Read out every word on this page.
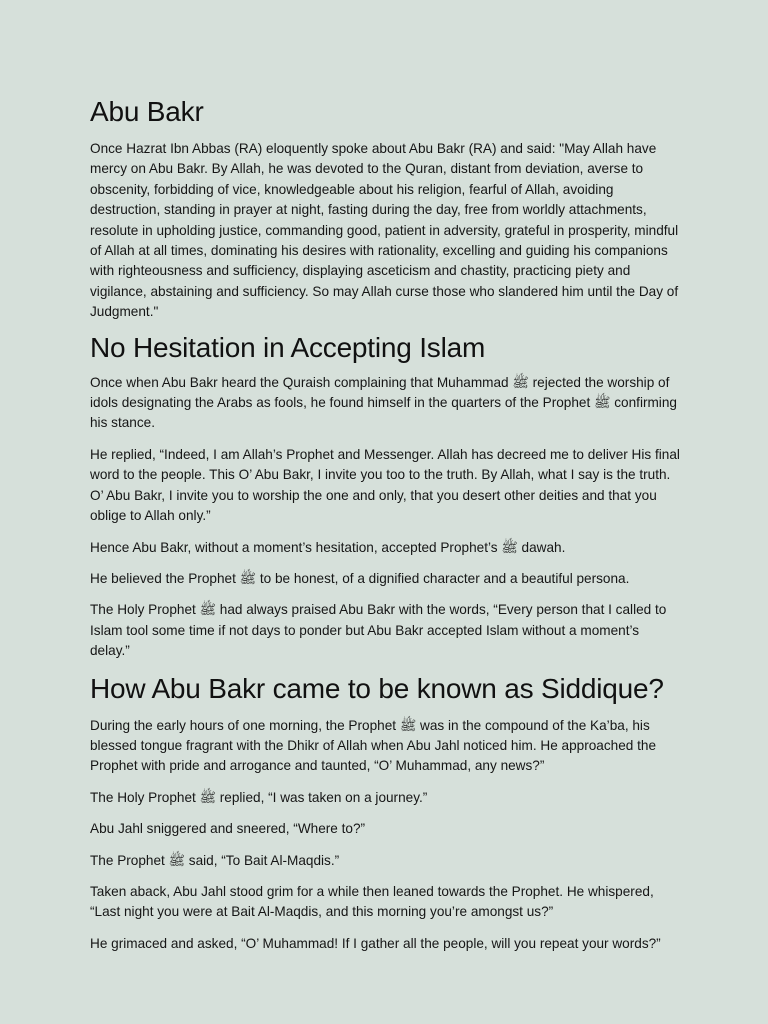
Abu Bakr

Once Hazrat Ibn Abbas (RA) eloquently spoke about Abu Bakr (RA) and said: "May Allah have mercy on Abu Bakr. By Allah, he was devoted to the Quran, distant from deviation, averse to obscenity, forbidding of vice, knowledgeable about his religion, fearful of Allah, avoiding destruction, standing in prayer at night, fasting during the day, free from worldly attachments, resolute in upholding justice, commanding good, patient in adversity, grateful in prosperity, mindful of Allah at all times, dominating his desires with rationality, excelling and guiding his companions with righteousness and sufficiency, displaying asceticism and chastity, practicing piety and vigilance, abstaining and sufficiency. So may Allah curse those who slandered him until the Day of Judgment."

No Hesitation in Accepting Islam

Once when Abu Bakr heard the Quraish complaining that Muhammad ﷺ rejected the worship of idols designating the Arabs as fools, he found himself in the quarters of the Prophet ﷺ confirming his stance.

He replied, “Indeed, I am Allah’s Prophet and Messenger. Allah has decreed me to deliver His final word to the people. This O’ Abu Bakr, I invite you too to the truth. By Allah, what I say is the truth. O’ Abu Bakr, I invite you to worship the one and only, that you desert other deities and that you oblige to Allah only.”

Hence Abu Bakr, without a moment’s hesitation, accepted Prophet’s ﷺ dawah.

He believed the Prophet ﷺ to be honest, of a dignified character and a beautiful persona.

The Holy Prophet ﷺ had always praised Abu Bakr with the words, “Every person that I called to Islam tool some time if not days to ponder but Abu Bakr accepted Islam without a moment’s delay.”

How Abu Bakr came to be known as Siddique?

During the early hours of one morning, the Prophet ﷺ was in the compound of the Ka’ba, his blessed tongue fragrant with the Dhikr of Allah when Abu Jahl noticed him. He approached the Prophet with pride and arrogance and taunted, “O’ Muhammad, any news?”

The Holy Prophet ﷺ replied, “I was taken on a journey.”

Abu Jahl sniggered and sneered, “Where to?”

The Prophet ﷺ said, “To Bait Al-Maqdis.”

Taken aback, Abu Jahl stood grim for a while then leaned towards the Prophet. He whispered, “Last night you were at Bait Al-Maqdis, and this morning you’re amongst us?”

He grimaced and asked, “O’ Muhammad! If I gather all the people, will you repeat your words?”
